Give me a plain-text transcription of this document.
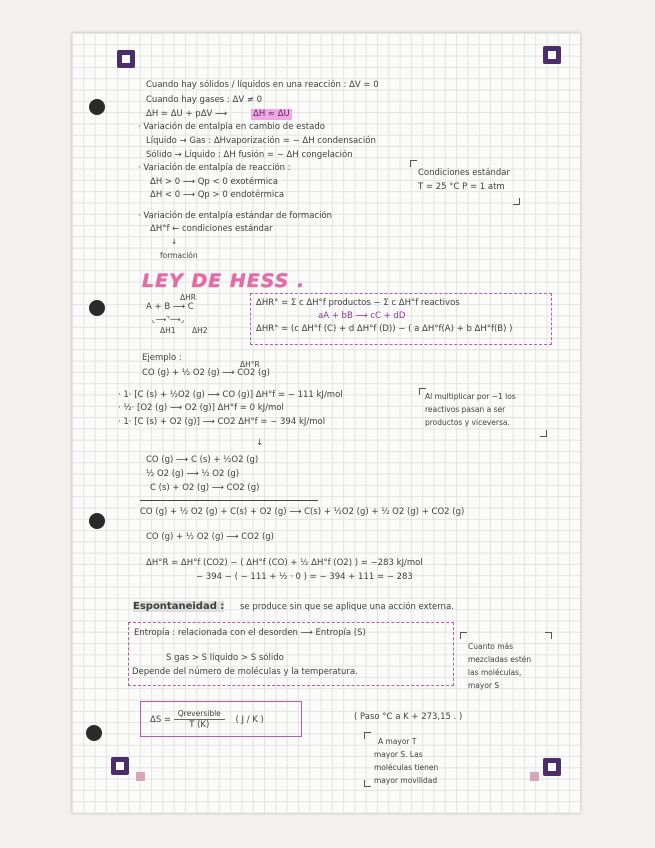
Cuando hay sólidos / líquidos en una reacción : ΔV = 0
Cuando hay gases : ΔV ≠ 0
ΔH = ΔU + pΔV ⟶	ΔH ≈ ΔU
· Variación de entalpía en cambio de estado
Líquido → Gas : ΔHvaporización = − ΔH condensación
Sólido → Líquido : ΔH fusión = − ΔH congelación
· Variación de entalpía de reacción :
ΔH > 0 ⟶ Qp < 0 exotérmica
ΔH < 0 ⟶ Qp > 0 endotérmica
Condiciones estándar
T = 25 °C P = 1 atm
· Variación de entalpía estándar de formación
ΔH°f ← condiciones estándar
↓
formación
LEY DE HESS .
A + B ⟶ C
ΔHR
ΔH1 ΔH2
⌞⟶⌝⟶⌟
ΔHR° = Σ c ΔH°f productos − Σ c ΔH°f reactivos
aA + bB ⟶ cC + dD
ΔHR° = (c ΔH°f (C) + d ΔH°f (D)) − ( a ΔH°f(A) + b ΔH°f(B) )
Ejemplo :
ΔH°R
CO (g) + ½ O2 (g) ⟶ CO2 (g)
· 1· [C (s) + ½O2 (g) ⟶ CO (g)] ΔH°f = − 111 kJ/mol
· ½· [O2 (g) ⟶ O2 (g)] ΔH°f = 0 kJ/mol
· 1· [C (s) + O2 (g)] ⟶ CO2 ΔH°f = − 394 kJ/mol
Al multiplicar por −1 los
reactivos pasan a ser
productos y viceversa.
↓
CO (g) ⟶ C (s) + ½O2 (g)
½ O2 (g) ⟶ ½ O2 (g)
C (s) + O2 (g) ⟶ CO2 (g)
CO (g) + ½ O2 (g) + C(s) + O2 (g) ⟶ C(s) + ½O2 (g) + ½ O2 (g) + CO2 (g)
CO (g) + ½ O2 (g) ⟶ CO2 (g)
ΔH°R = ΔH°f (CO2) − ( ΔH°f (CO) + ½ ΔH°f (O2) ) = −283 kJ/mol
− 394 − ( − 111 + ½ · 0 ) = − 394 + 111 = − 283
Espontaneidad : se produce sin que se aplique una acción externa.
Entropía : relacionada con el desorden ⟶ Entropía (S)
S gas > S líquido > S sólido
Depende del número de moléculas y la temperatura.
Cuanto más
mezcladas estén
las moléculas,
mayor S
$\Delta S = \frac{\text{Qreversible}}{T (K)}$ ( J / K )	( Paso °C a K + 273,15 . )
A mayor T
mayor S. Las
moléculas tienen
mayor movilidad
